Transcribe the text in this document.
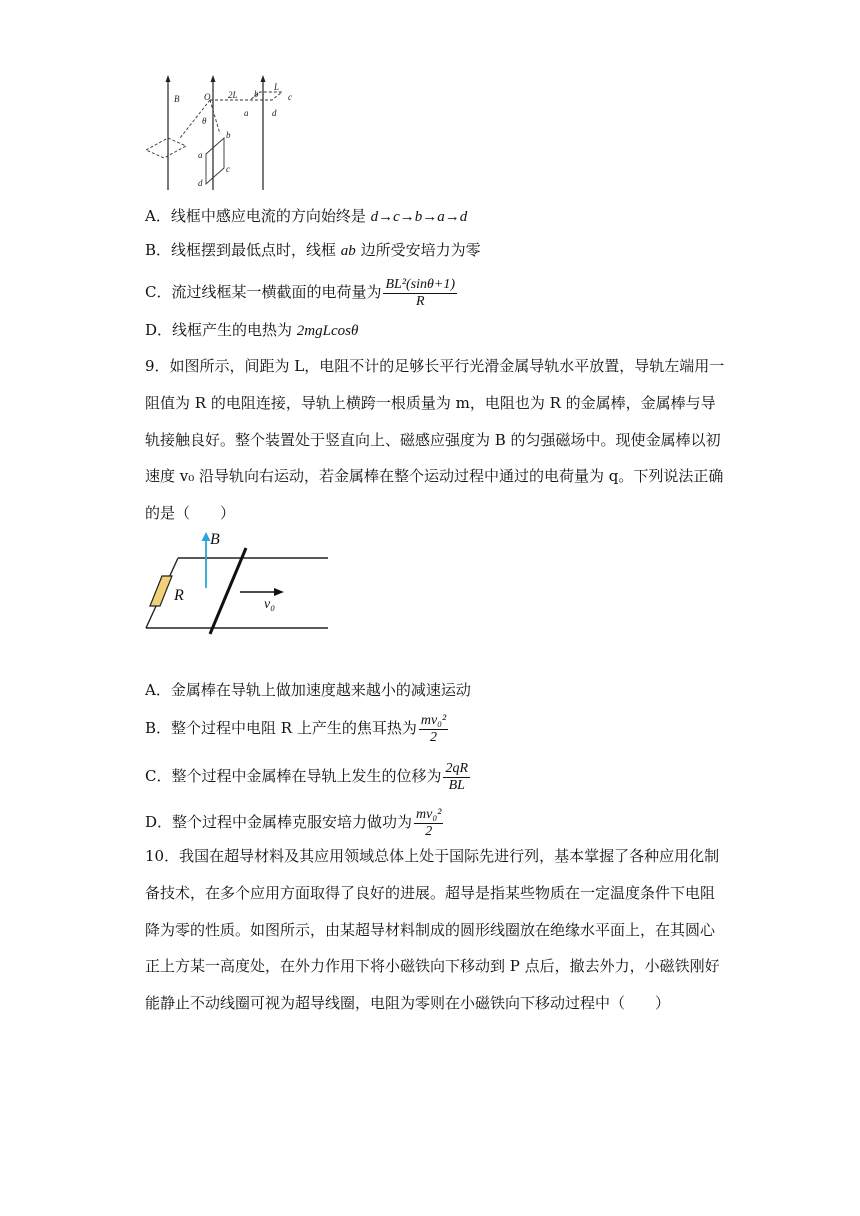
B	O 2L
θ
b
L
c
a	d
b
a
c
d
A．线框中感应电流的方向始终是 d→c→b→a→d
B．线框摆到最低点时，线框 ab 边所受安培力为零
C．流过线框某一横截面的电荷量为 $\frac{\text{BL²(sinθ+1)}}{R}$
D．线框产生的电热为 2mgLcosθ
9．如图所示，间距为 L，电阻不计的足够长平行光滑金属导轨水平放置，导轨左端用一阻值为 R 的电阻连接，导轨上横跨一根质量为 m，电阻也为 R 的金属棒，金属棒与导轨接触良好。整个装置处于竖直向上、磁感应强度为 B 的匀强磁场中。现使金属棒以初速度 v₀ 沿导轨向右运动，若金属棒在整个运动过程中通过的电荷量为 q。下列说法正确的是（　　）
B
R
v₀
A．金属棒在导轨上做加速度越来越小的减速运动
B．整个过程中电阻 R 上产生的焦耳热为 $\frac{\text{mv₀²}}{2}$
C．整个过程中金属棒在导轨上发生的位移为 $\frac{2qR}{BL}$
D．整个过程中金属棒克服安培力做功为 $\frac{\text{mv₀²}}{2}$
10．我国在超导材料及其应用领域总体上处于国际先进行列，基本掌握了各种应用化制备技术，在多个应用方面取得了良好的进展。超导是指某些物质在一定温度条件下电阻降为零的性质。如图所示，由某超导材料制成的圆形线圈放在绝缘水平面上，在其圆心正上方某一高度处，在外力作用下将小磁铁向下移动到 P 点后，撤去外力，小磁铁刚好能静止不动线圈可视为超导线圈，电阻为零则在小磁铁向下移动过程中（　　）
